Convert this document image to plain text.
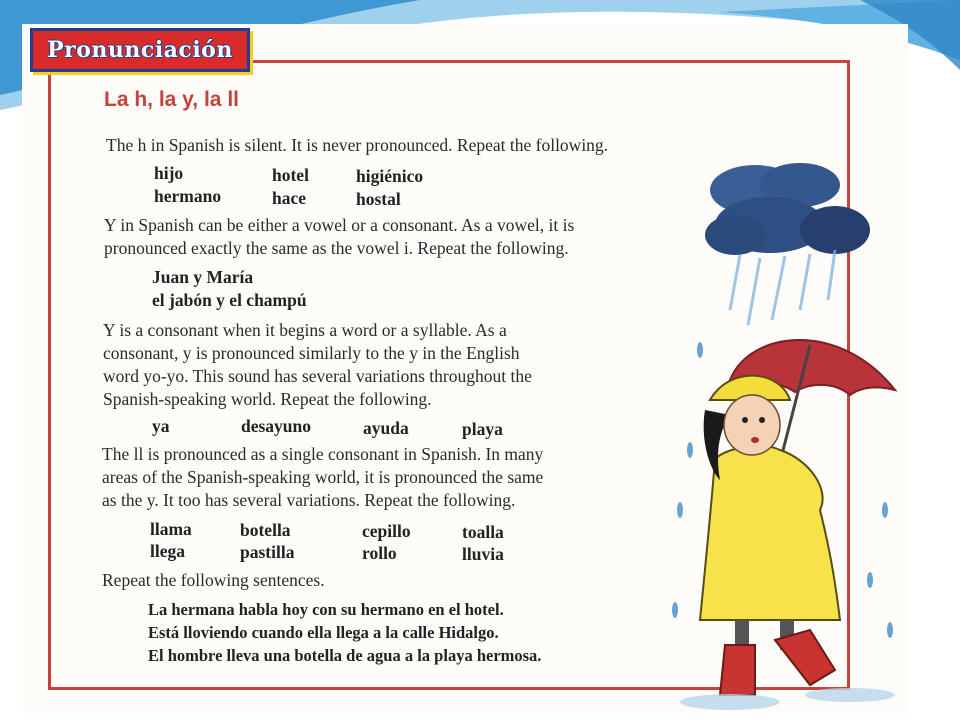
Pronunciación
La h, la y, la ll
The h in Spanish is silent. It is never pronounced. Repeat the following.
hijo	hotel	higiénico
hermano	hace	hostal
Y in Spanish can be either a vowel or a consonant. As a vowel, it is
pronounced exactly the same as the vowel i. Repeat the following.
Juan y María
el jabón y el champú
Y is a consonant when it begins a word or a syllable. As a
consonant, y is pronounced similarly to the y in the English
word yo-yo. This sound has several variations throughout the
Spanish-speaking world. Repeat the following.
ya	desayuno	ayuda	playa
The ll is pronounced as a single consonant in Spanish. In many
areas of the Spanish-speaking world, it is pronounced the same
as the y. It too has several variations. Repeat the following.
llama	botella	cepillo	toalla
llega	pastilla	rollo	lluvia
Repeat the following sentences.
La hermana habla hoy con su hermano en el hotel.
Está lloviendo cuando ella llega a la calle Hidalgo.
El hombre lleva una botella de agua a la playa hermosa.
